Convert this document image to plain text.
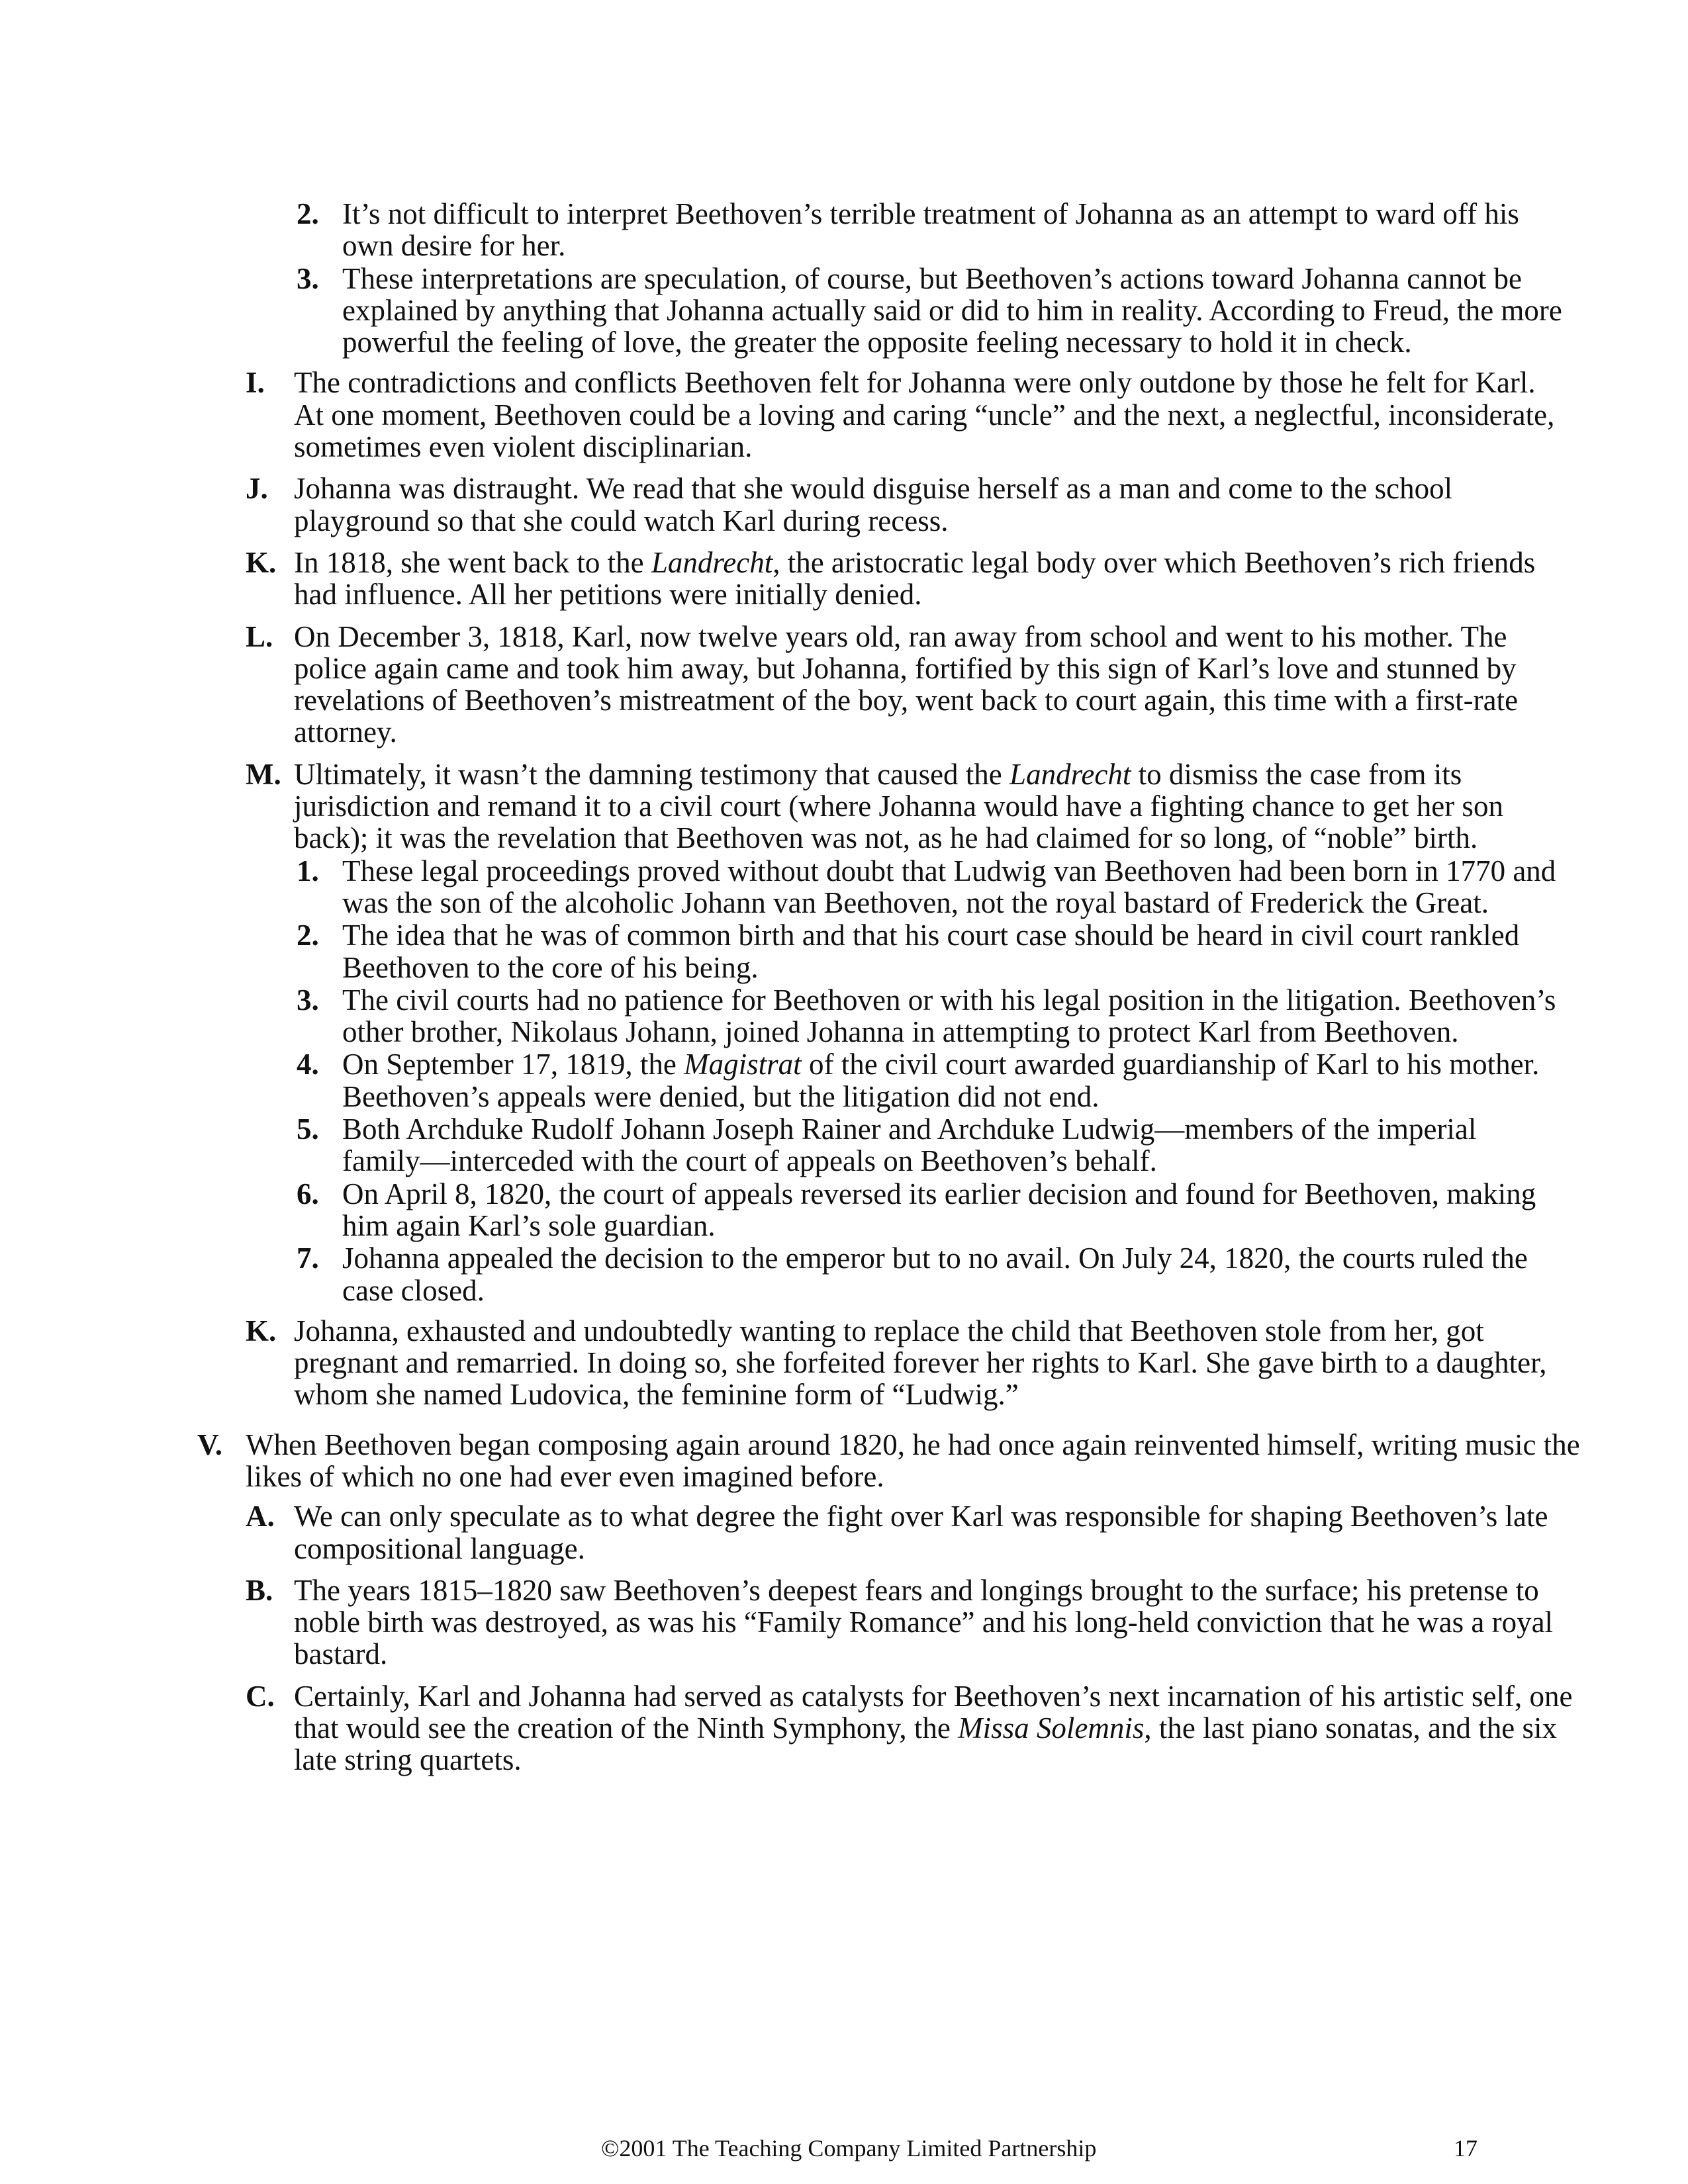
2. It’s not difficult to interpret Beethoven’s terrible treatment of Johanna as an attempt to ward off his
own desire for her.
3. These interpretations are speculation, of course, but Beethoven’s actions toward Johanna cannot be
explained by anything that Johanna actually said or did to him in reality. According to Freud, the more
powerful the feeling of love, the greater the opposite feeling necessary to hold it in check.
I. The contradictions and conflicts Beethoven felt for Johanna were only outdone by those he felt for Karl.
At one moment, Beethoven could be a loving and caring “uncle” and the next, a neglectful, inconsiderate,
sometimes even violent disciplinarian.
J. Johanna was distraught. We read that she would disguise herself as a man and come to the school
playground so that she could watch Karl during recess.
K. In 1818, she went back to the Landrecht, the aristocratic legal body over which Beethoven’s rich friends
had influence. All her petitions were initially denied.
L. On December 3, 1818, Karl, now twelve years old, ran away from school and went to his mother. The
police again came and took him away, but Johanna, fortified by this sign of Karl’s love and stunned by
revelations of Beethoven’s mistreatment of the boy, went back to court again, this time with a first-rate
attorney.
M. Ultimately, it wasn’t the damning testimony that caused the Landrecht to dismiss the case from its
jurisdiction and remand it to a civil court (where Johanna would have a fighting chance to get her son
back); it was the revelation that Beethoven was not, as he had claimed for so long, of “noble” birth.
1. These legal proceedings proved without doubt that Ludwig van Beethoven had been born in 1770 and
was the son of the alcoholic Johann van Beethoven, not the royal bastard of Frederick the Great.
2. The idea that he was of common birth and that his court case should be heard in civil court rankled
Beethoven to the core of his being.
3. The civil courts had no patience for Beethoven or with his legal position in the litigation. Beethoven’s
other brother, Nikolaus Johann, joined Johanna in attempting to protect Karl from Beethoven.
4. On September 17, 1819, the Magistrat of the civil court awarded guardianship of Karl to his mother.
Beethoven’s appeals were denied, but the litigation did not end.
5. Both Archduke Rudolf Johann Joseph Rainer and Archduke Ludwig—members of the imperial
family—interceded with the court of appeals on Beethoven’s behalf.
6. On April 8, 1820, the court of appeals reversed its earlier decision and found for Beethoven, making
him again Karl’s sole guardian.
7. Johanna appealed the decision to the emperor but to no avail. On July 24, 1820, the courts ruled the
case closed.
K. Johanna, exhausted and undoubtedly wanting to replace the child that Beethoven stole from her, got
pregnant and remarried. In doing so, she forfeited forever her rights to Karl. She gave birth to a daughter,
whom she named Ludovica, the feminine form of “Ludwig.”
V. When Beethoven began composing again around 1820, he had once again reinvented himself, writing music the
likes of which no one had ever even imagined before.
A. We can only speculate as to what degree the fight over Karl was responsible for shaping Beethoven’s late
compositional language.
B. The years 1815–1820 saw Beethoven’s deepest fears and longings brought to the surface; his pretense to
noble birth was destroyed, as was his “Family Romance” and his long-held conviction that he was a royal
bastard.
C. Certainly, Karl and Johanna had served as catalysts for Beethoven’s next incarnation of his artistic self, one
that would see the creation of the Ninth Symphony, the Missa Solemnis, the last piano sonatas, and the six
late string quartets.
©2001 The Teaching Company Limited Partnership	17
